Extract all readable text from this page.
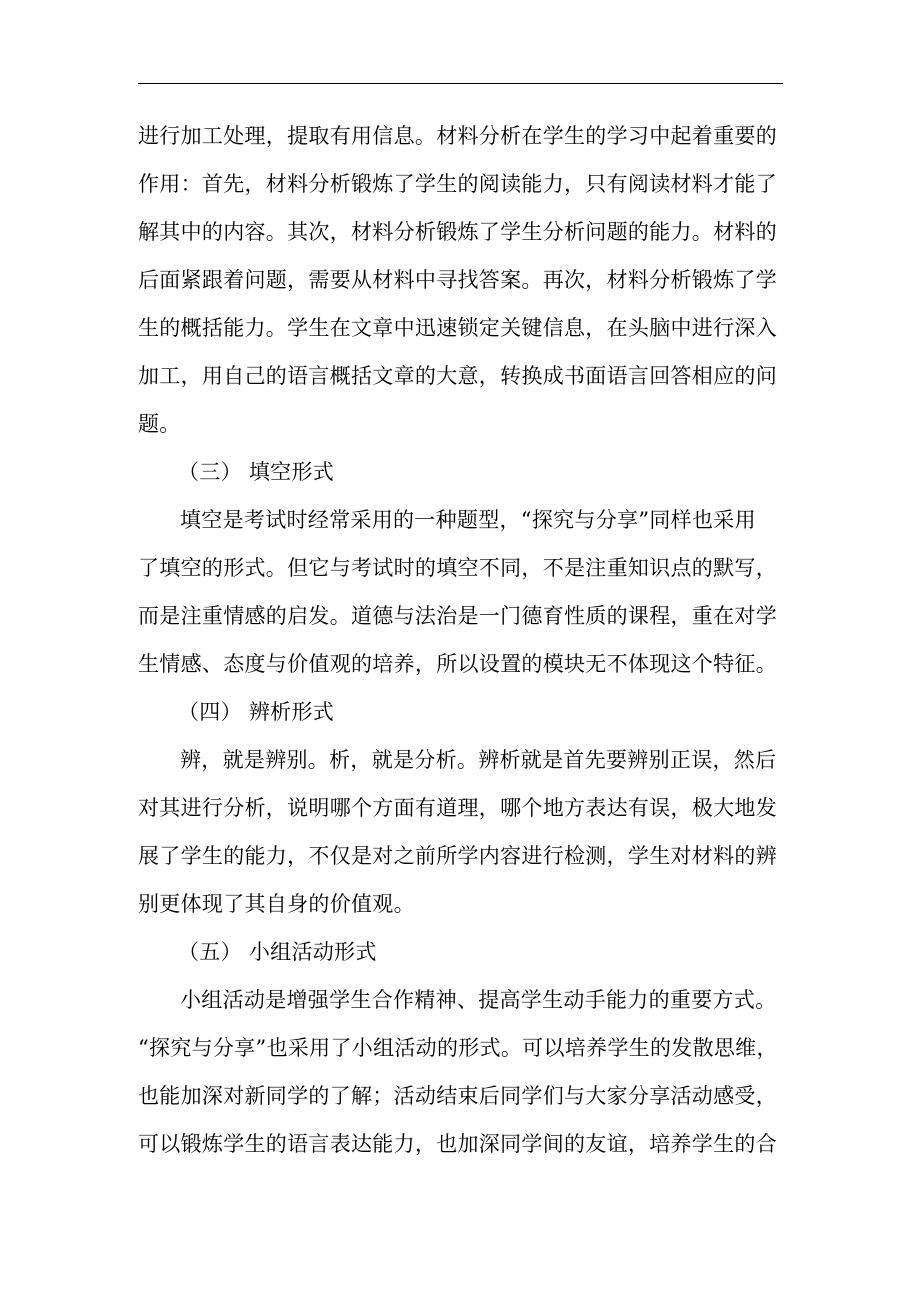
进行加工处理，提取有用信息。材料分析在学生的学习中起着重要的
作用：首先，材料分析锻炼了学生的阅读能力，只有阅读材料才能了
解其中的内容。其次，材料分析锻炼了学生分析问题的能力。材料的
后面紧跟着问题，需要从材料中寻找答案。再次，材料分析锻炼了学
生的概括能力。学生在文章中迅速锁定关键信息，在头脑中进行深入
加工，用自己的语言概括文章的大意，转换成书面语言回答相应的问
题。
（三） 填空形式
填空是考试时经常采用的一种题型，“探究与分享”同样也采用
了填空的形式。但它与考试时的填空不同，不是注重知识点的默写，
而是注重情感的启发。道德与法治是一门德育性质的课程，重在对学
生情感、态度与价值观的培养，所以设置的模块无不体现这个特征。
（四） 辨析形式
辨，就是辨别。析，就是分析。辨析就是首先要辨别正误，然后
对其进行分析，说明哪个方面有道理，哪个地方表达有误，极大地发
展了学生的能力，不仅是对之前所学内容进行检测，学生对材料的辨
别更体现了其自身的价值观。
（五） 小组活动形式
小组活动是增强学生合作精神、提高学生动手能力的重要方式。
“探究与分享”也采用了小组活动的形式。可以培养学生的发散思维，
也能加深对新同学的了解；活动结束后同学们与大家分享活动感受，
可以锻炼学生的语言表达能力，也加深同学间的友谊，培养学生的合
